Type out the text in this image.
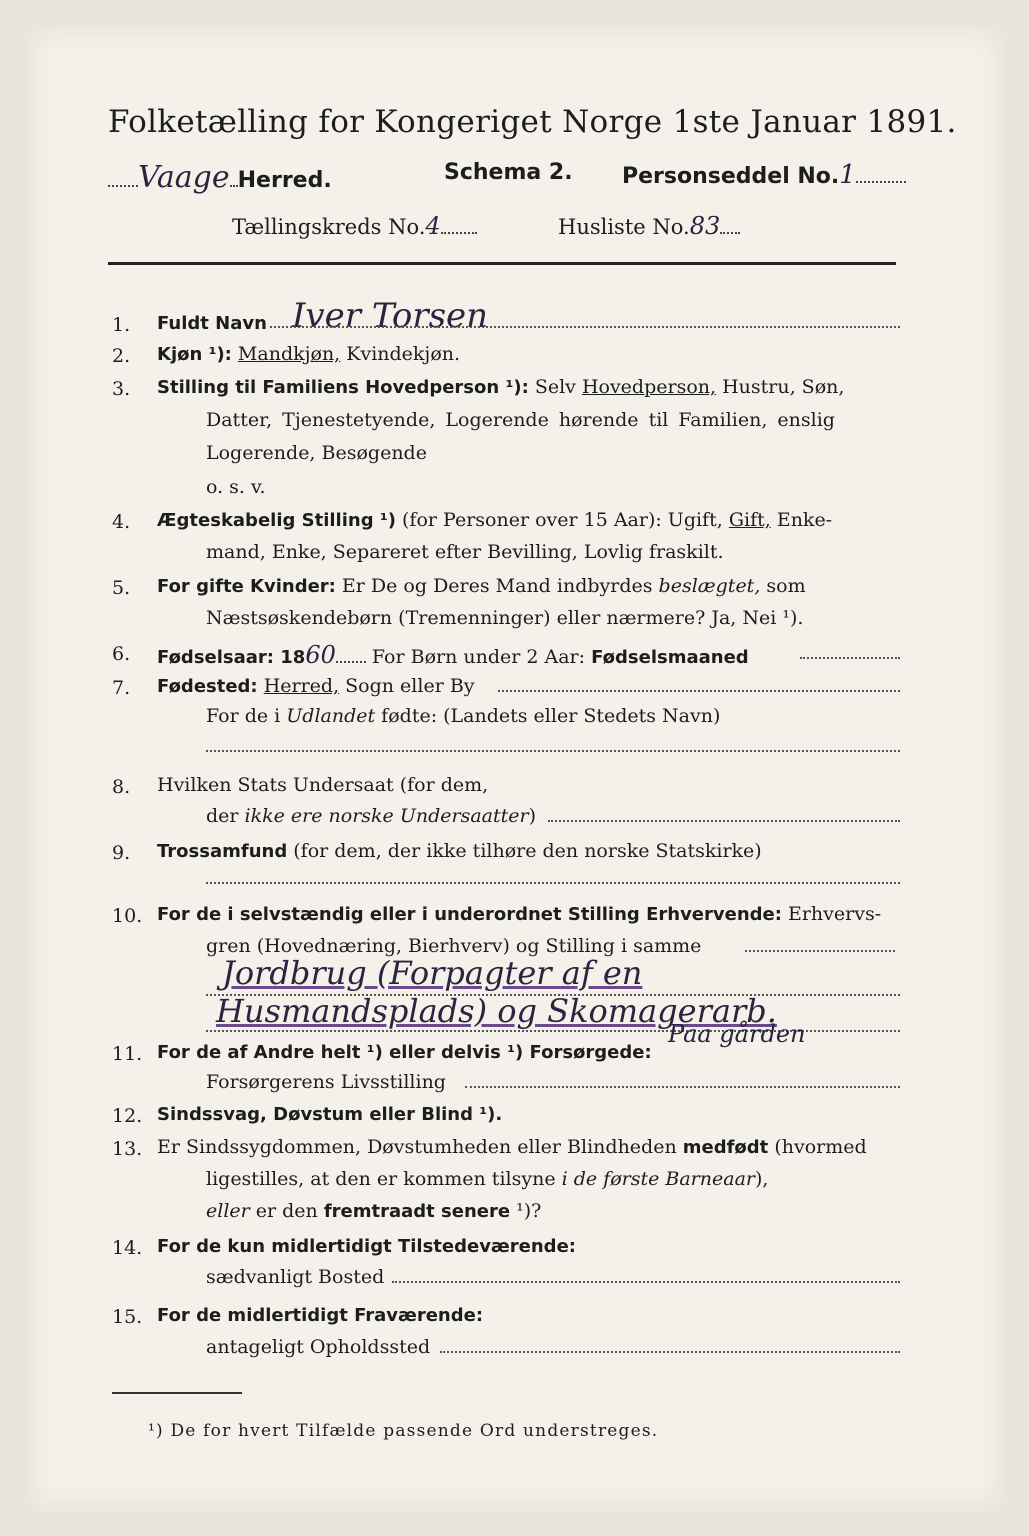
Folketælling for Kongeriget Norge 1ste Januar 1891.
Vaage Herred.	Schema 2. Personseddel No.1
Tællingskreds No.4	Husliste No.83
1. Fuldt Navn Iver Torsen
2. Kjøn ¹): Mandkjøn, Kvindekjøn.
3. Stilling til Familiens Hovedperson ¹): Selv Hovedperson, Hustru, Søn,
Datter, Tjenestetyende, Logerende hørende til Familien, enslig
Logerende, Besøgende
o. s. v.
4. Ægteskabelig Stilling ¹) (for Personer over 15 Aar): Ugift, Gift, Enke-
mand, Enke, Separeret efter Bevilling, Lovlig fraskilt.
5. For gifte Kvinder: Er De og Deres Mand indbyrdes beslægtet, som
Næstsøskendebørn (Tremenninger) eller nærmere? Ja, Nei ¹).
6. Fødselsaar: 1860 For Børn under 2 Aar: Fødselsmaaned
7. Fødested: Herred, Sogn eller By
For de i Udlandet fødte: (Landets eller Stedets Navn)
8. Hvilken Stats Undersaat (for dem,
der ikke ere norske Undersaatter)
9. Trossamfund (for dem, der ikke tilhøre den norske Statskirke)
10. For de i selvstændig eller i underordnet Stilling Erhvervende: Erhvervs-
gren (Hovednæring, Bierhverv) og Stilling i samme
Jordbrug (Forpagter af en
Husmandsplads) og Skomagerarb.
11. For de af Andre helt ¹) eller delvis ¹) Forsørgede:
Paa gården
Forsørgerens Livsstilling
12. Sindssvag, Døvstum eller Blind ¹).
13. Er Sindssygdommen, Døvstumheden eller Blindheden medfødt (hvormed
ligestilles, at den er kommen tilsyne i de første Barneaar),
eller er den fremtraadt senere ¹)?
14. For de kun midlertidigt Tilstedeværende:
sædvanligt Bosted
15. For de midlertidigt Fraværende:
antageligt Opholdssted
¹) De for hvert Tilfælde passende Ord understreges.
